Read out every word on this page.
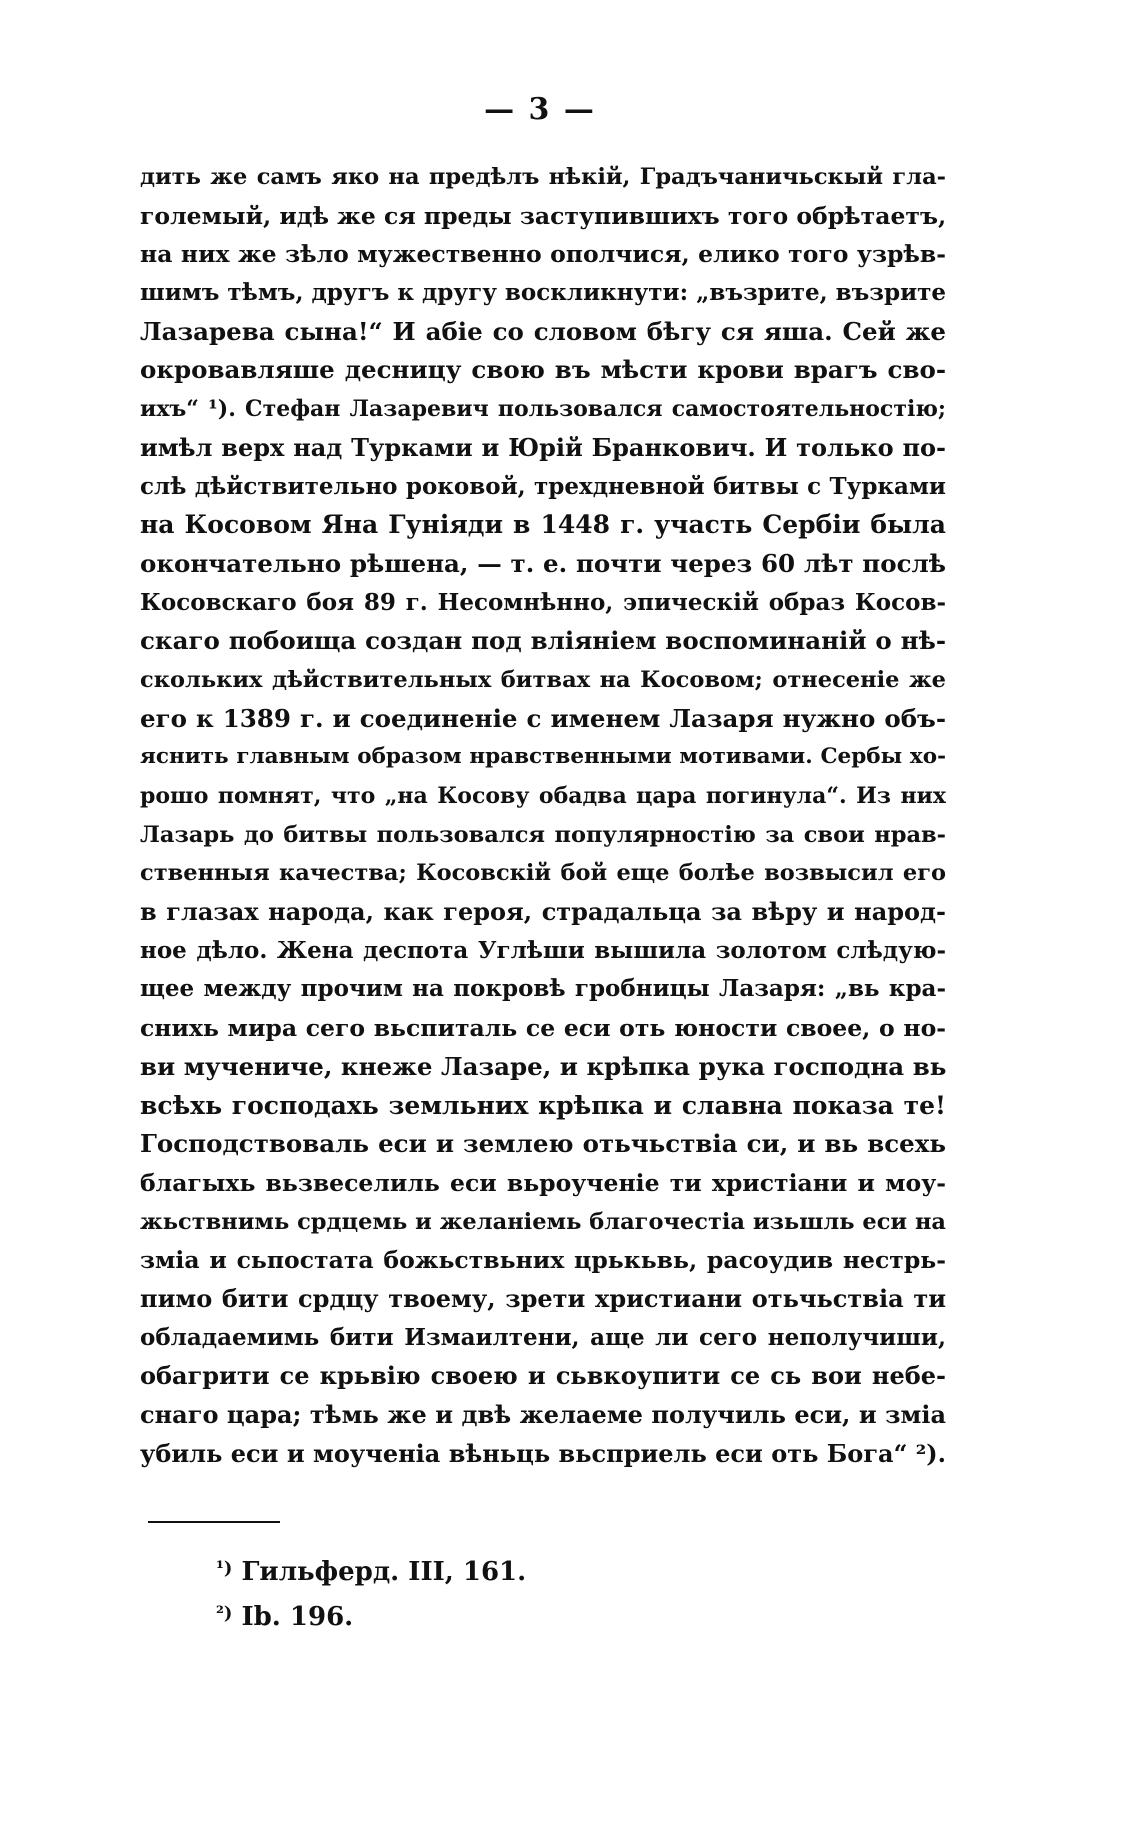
— 3 —
дить же самъ яко на предѣлъ нѣкій, Градъчаничьскый гла-
големый, идѣ же ся преды заступившихъ того обрѣтаетъ,
на них же зѣло мужественно ополчися, елико того узрѣв-
шимъ тѣмъ, другъ к другу воскликнути: „възрите, възрите
Лазарева сына!“ И абіе со словом бѣгу ся яша. Сей же
окровавляше десницу свою въ мѣсти крови врагъ сво-
ихъ“ ¹). Стефан Лазаревич пользовался самостоятельностію;
имѣл верх над Турками и Юрій Бранкович. И только по-
слѣ дѣйствительно роковой, трехдневной битвы с Турками
на Косовом Яна Гуніяди в 1448 г. участь Сербіи была
окончательно рѣшена, — т. е. почти через 60 лѣт послѣ
Косовскаго боя 89 г. Несомнѣнно, эпическій образ Косов-
скаго побоища создан под вліяніем воспоминаній о нѣ-
скольких дѣйствительных битвах на Косовом; отнесеніе же
его к 1389 г. и соединеніе с именем Лазаря нужно объ-
яснить главным образом нравственными мотивами. Сербы хо-
рошо помнят, что „на Косову обадва цара погинула“. Из них
Лазарь до битвы пользовался популярностію за свои нрав-
ственныя качества; Косовскій бой еще болѣе возвысил его
в глазах народа, как героя, страдальца за вѣру и народ-
ное дѣло. Жена деспота Углѣши вышила золотом слѣдую-
щее между прочим на покровѣ гробницы Лазаря: „вь кра-
снихь мира сего вьспиталь се еси оть юности своее, о но-
ви мученичe, кнеже Лазаре, и крѣпка рука господна вь
всѣхь господахь земльних крѣпка и славна показа те!
Господствоваль еси и землею отьчьствіа си, и вь всехь
благыхь вьзвеселиль еси вьроученіе ти христіани и моу-
жьствнимь срдцемь и желаніемь благочестіа изьшль еси на
зміа и сьпостата божьствьних црькьвь, расоудив нестрь-
пимо бити срдцу твоему, зрети христиани отьчьствіа ти
обладаемимь бити Измаилтени, аще ли сего неполучиши,
обагрити се крьвію своею и сьвкоупити се сь вои небе-
снаго цара; тѣмь же и двѣ желаеме получиль еси, и зміа
убиль еси и моученіа вѣньць вьсприель еси оть Бога“ ²).
$^{^1)}$ Гильфeрд. III, 161.
$^{^2)}$ Ib. 196.
